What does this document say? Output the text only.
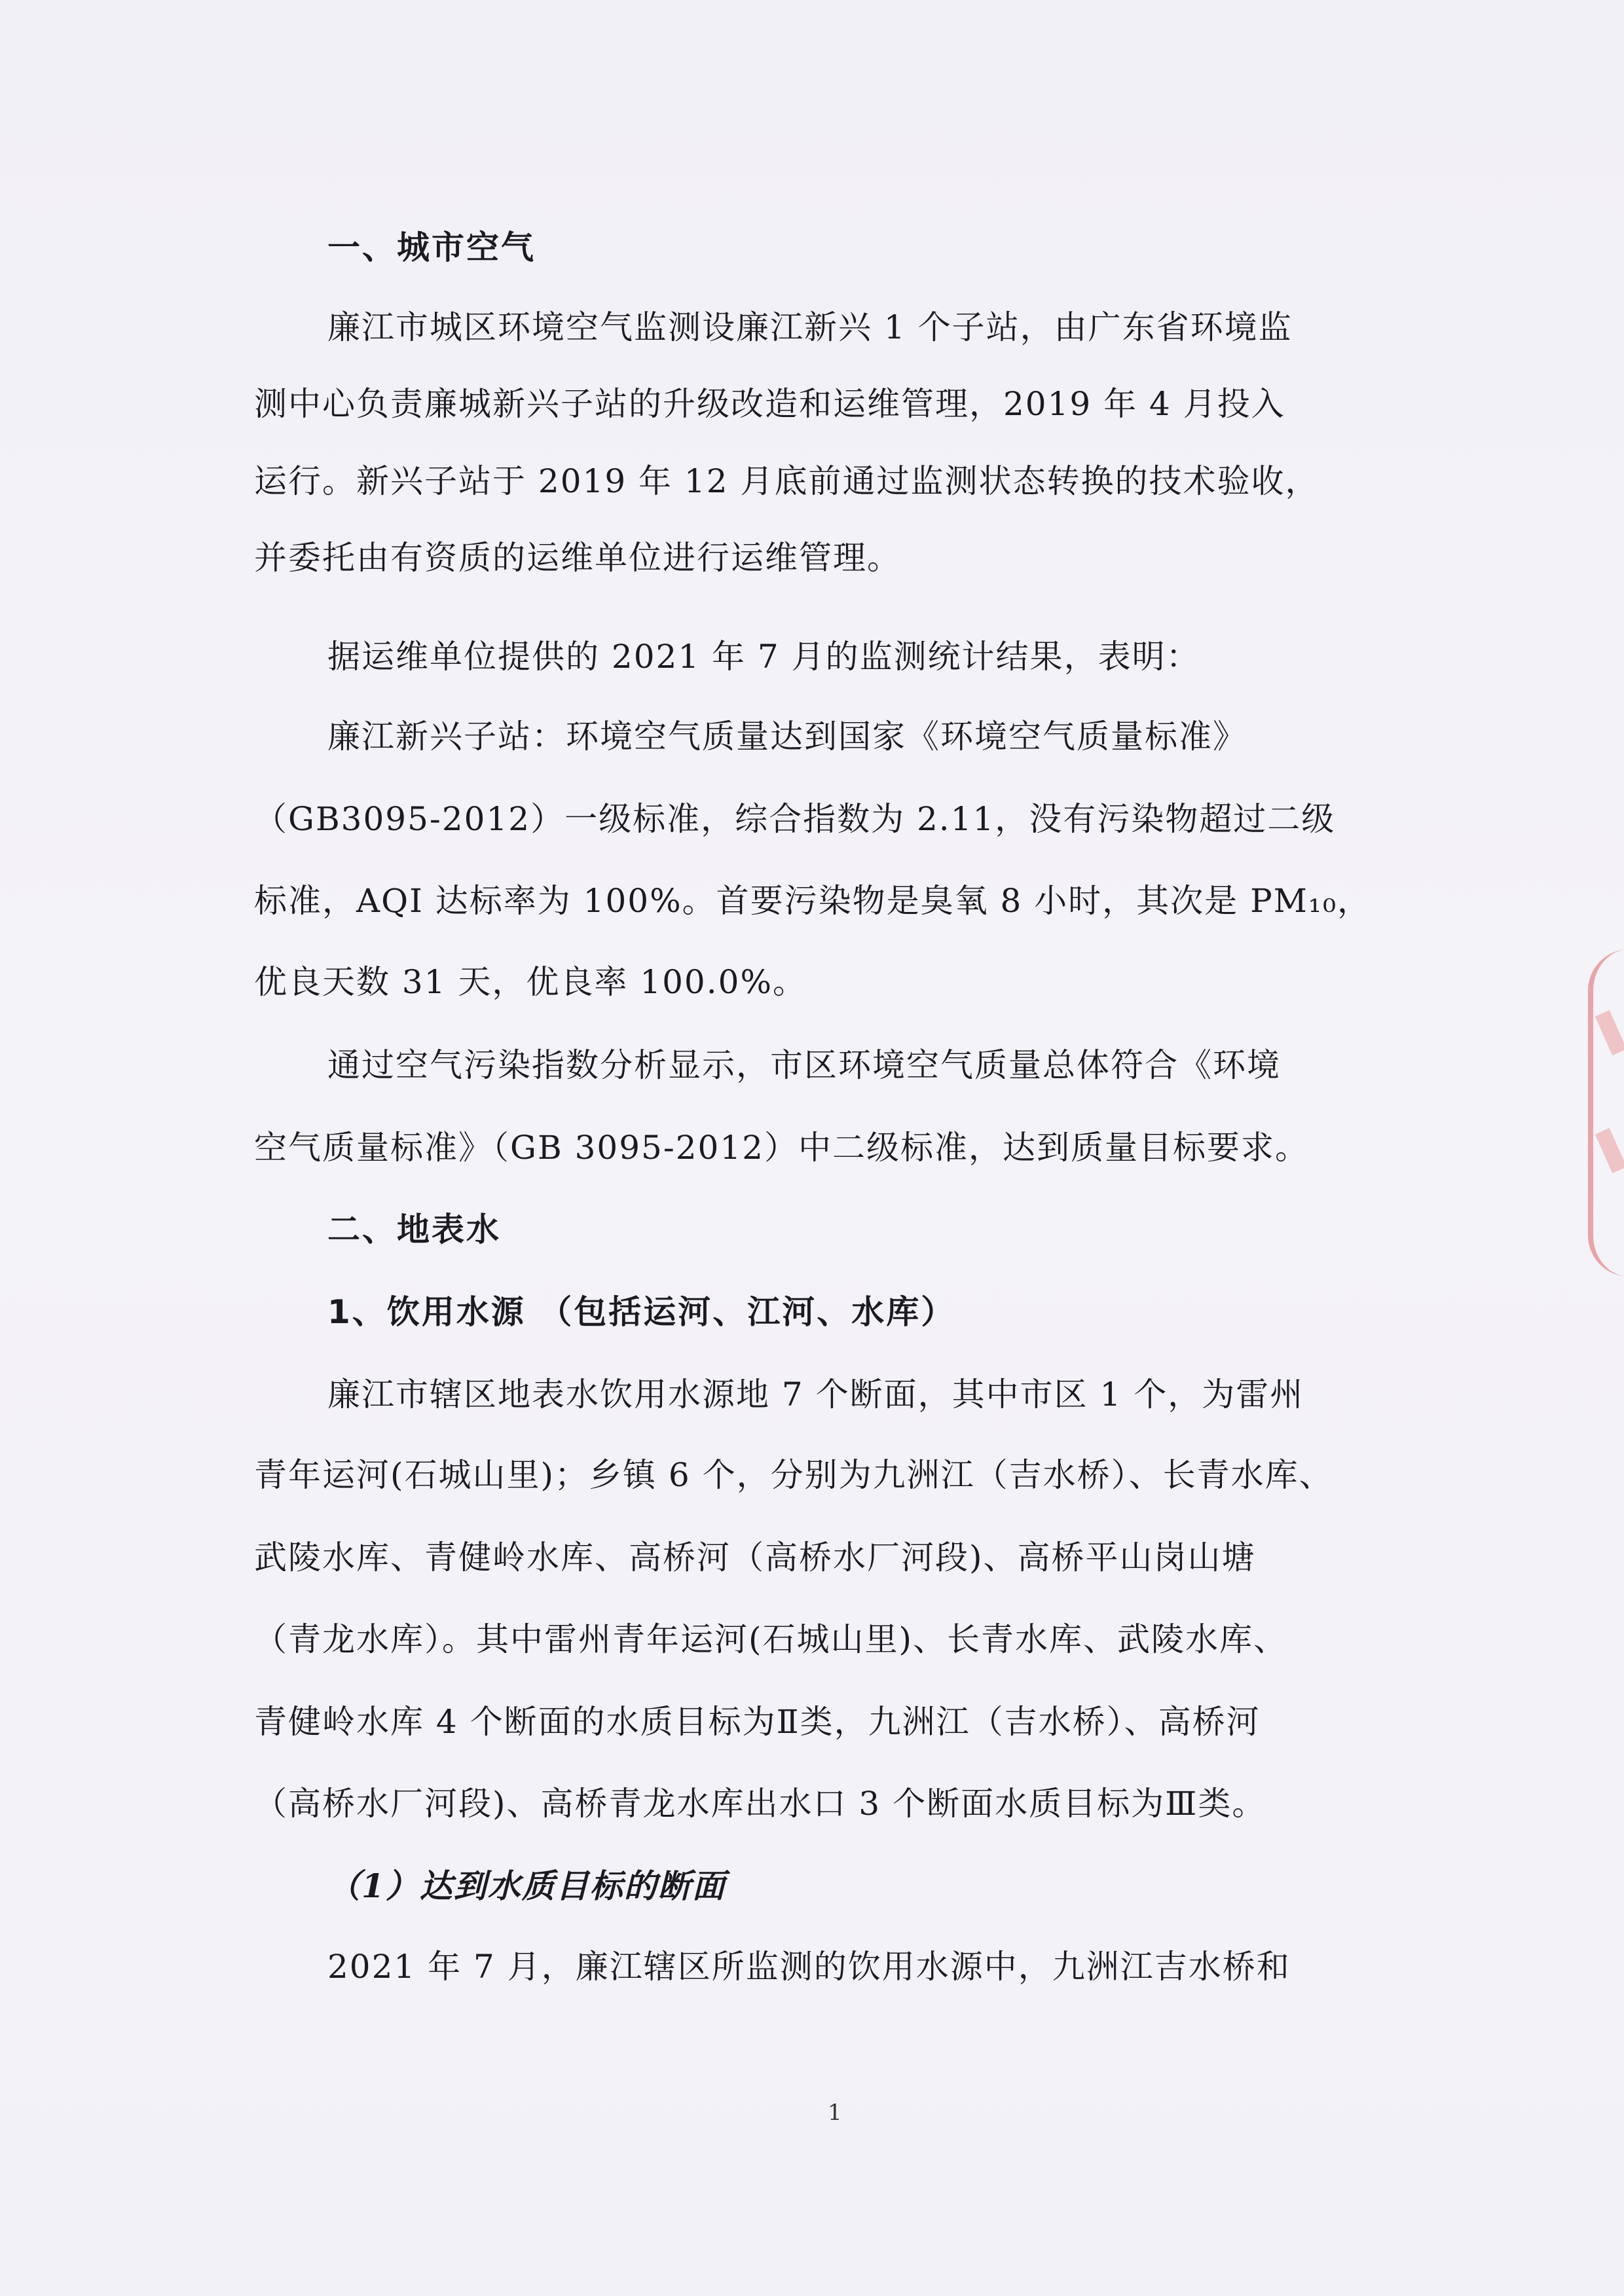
一、城市空气
廉江市城区环境空气监测设廉江新兴 1 个子站，由广东省环境监
测中心负责廉城新兴子站的升级改造和运维管理，2019 年 4 月投入
运行。新兴子站于 2019 年 12 月底前通过监测状态转换的技术验收，
并委托由有资质的运维单位进行运维管理。
据运维单位提供的 2021 年 7 月的监测统计结果，表明：
廉江新兴子站：环境空气质量达到国家《环境空气质量标准》
（GB3095-2012）一级标准，综合指数为 2.11，没有污染物超过二级
标准，AQI 达标率为 100%。首要污染物是臭氧 8 小时，其次是 PM₁₀，
优良天数 31 天，优良率 100.0%。
通过空气污染指数分析显示，市区环境空气质量总体符合《环境
空气质量标准》（GB 3095-2012）中二级标准，达到质量目标要求。
二、地表水
1、饮用水源 （包括运河、江河、水库）
廉江市辖区地表水饮用水源地 7 个断面，其中市区 1 个，为雷州
青年运河(石城山里)；乡镇 6 个，分别为九洲江（吉水桥）、长青水库、
武陵水库、青健岭水库、高桥河（高桥水厂河段)、高桥平山岗山塘
（青龙水库）。其中雷州青年运河(石城山里)、长青水库、武陵水库、
青健岭水库 4 个断面的水质目标为Ⅱ类，九洲江（吉水桥）、高桥河
（高桥水厂河段)、高桥青龙水库出水口 3 个断面水质目标为Ⅲ类。
（1）达到水质目标的断面
2021 年 7 月，廉江辖区所监测的饮用水源中，九洲江吉水桥和
1
